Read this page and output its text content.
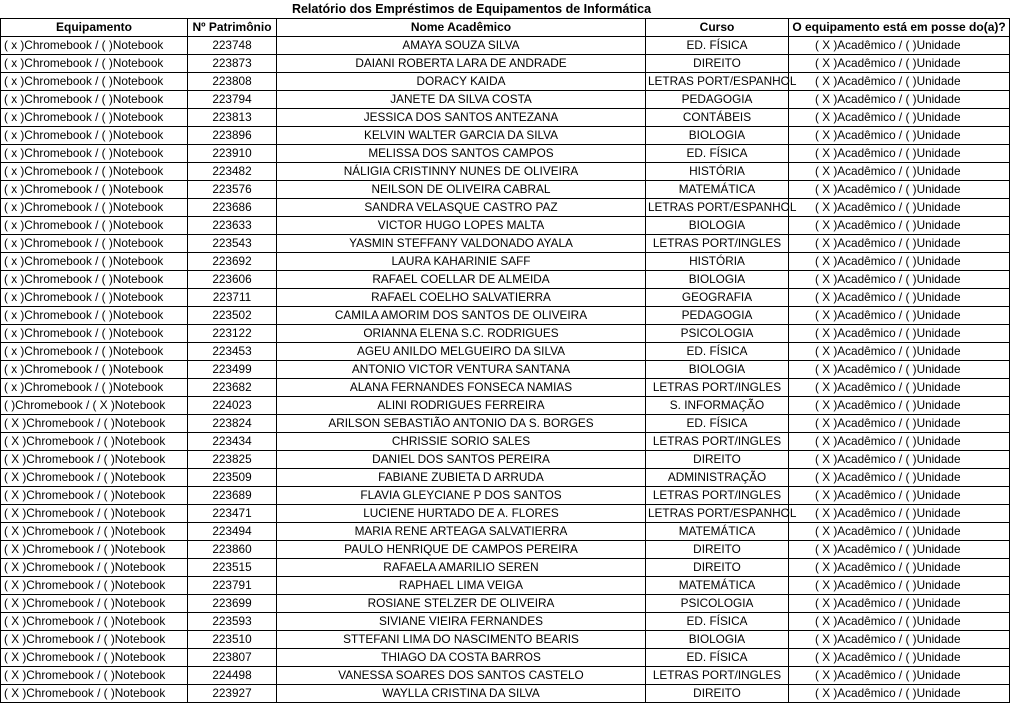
Relatório dos Empréstimos de Equipamentos de Informática
Equipamento	Nº Patrimônio	Nome Acadêmico	Curso	O equipamento está em posse do(a)?
( x )Chromebook / ( )Notebook	223748	AMAYA SOUZA SILVA	ED. FÍSICA	( X )Acadêmico / ( )Unidade
( x )Chromebook / ( )Notebook	223873	DAIANI ROBERTA LARA DE ANDRADE	DIREITO	( X )Acadêmico / ( )Unidade
( x )Chromebook / ( )Notebook	223808	DORACY KAIDA	LETRAS PORT/ESPANHOL	( X )Acadêmico / ( )Unidade
( x )Chromebook / ( )Notebook	223794	JANETE DA SILVA COSTA	PEDAGOGIA	( X )Acadêmico / ( )Unidade
( x )Chromebook / ( )Notebook	223813	JESSICA DOS SANTOS ANTEZANA	CONTÁBEIS	( X )Acadêmico / ( )Unidade
( x )Chromebook / ( )Notebook	223896	KELVIN WALTER GARCIA DA SILVA	BIOLOGIA	( X )Acadêmico / ( )Unidade
( x )Chromebook / ( )Notebook	223910	MELISSA DOS SANTOS CAMPOS	ED. FÍSICA	( X )Acadêmico / ( )Unidade
( x )Chromebook / ( )Notebook	223482	NÁLIGIA CRISTINNY NUNES DE OLIVEIRA	HISTÓRIA	( X )Acadêmico / ( )Unidade
( x )Chromebook / ( )Notebook	223576	NEILSON DE OLIVEIRA CABRAL	MATEMÁTICA	( X )Acadêmico / ( )Unidade
( x )Chromebook / ( )Notebook	223686	SANDRA VELASQUE CASTRO PAZ	LETRAS PORT/ESPANHOL	( X )Acadêmico / ( )Unidade
( x )Chromebook / ( )Notebook	223633	VICTOR HUGO LOPES MALTA	BIOLOGIA	( X )Acadêmico / ( )Unidade
( x )Chromebook / ( )Notebook	223543	YASMIN STEFFANY VALDONADO AYALA	LETRAS PORT/INGLES	( X )Acadêmico / ( )Unidade
( x )Chromebook / ( )Notebook	223692	LAURA KAHARINIE SAFF	HISTÓRIA	( X )Acadêmico / ( )Unidade
( x )Chromebook / ( )Notebook	223606	RAFAEL COELLAR DE ALMEIDA	BIOLOGIA	( X )Acadêmico / ( )Unidade
( x )Chromebook / ( )Notebook	223711	RAFAEL COELHO SALVATIERRA	GEOGRAFIA	( X )Acadêmico / ( )Unidade
( x )Chromebook / ( )Notebook	223502	CAMILA AMORIM DOS SANTOS DE OLIVEIRA	PEDAGOGIA	( X )Acadêmico / ( )Unidade
( x )Chromebook / ( )Notebook	223122	ORIANNA ELENA S.C. RODRIGUES	PSICOLOGIA	( X )Acadêmico / ( )Unidade
( x )Chromebook / ( )Notebook	223453	AGEU ANILDO MELGUEIRO DA SILVA	ED. FÍSICA	( X )Acadêmico / ( )Unidade
( x )Chromebook / ( )Notebook	223499	ANTONIO VICTOR VENTURA SANTANA	BIOLOGIA	( X )Acadêmico / ( )Unidade
( x )Chromebook / ( )Notebook	223682	ALANA FERNANDES FONSECA NAMIAS	LETRAS PORT/INGLES	( X )Acadêmico / ( )Unidade
( )Chromebook / ( X )Notebook	224023	ALINI RODRIGUES FERREIRA	S. INFORMAÇÃO	( X )Acadêmico / ( )Unidade
( X )Chromebook / ( )Notebook	223824	ARILSON SEBASTIÃO ANTONIO DA S. BORGES	ED. FÍSICA	( X )Acadêmico / ( )Unidade
( X )Chromebook / ( )Notebook	223434	CHRISSIE SORIO SALES	LETRAS PORT/INGLES	( X )Acadêmico / ( )Unidade
( X )Chromebook / ( )Notebook	223825	DANIEL DOS SANTOS PEREIRA	DIREITO	( X )Acadêmico / ( )Unidade
( X )Chromebook / ( )Notebook	223509	FABIANE ZUBIETA D ARRUDA	ADMINISTRAÇÃO	( X )Acadêmico / ( )Unidade
( X )Chromebook / ( )Notebook	223689	FLAVIA GLEYCIANE P DOS SANTOS	LETRAS PORT/INGLES	( X )Acadêmico / ( )Unidade
( X )Chromebook / ( )Notebook	223471	LUCIENE HURTADO DE A. FLORES	LETRAS PORT/ESPANHOL	( X )Acadêmico / ( )Unidade
( X )Chromebook / ( )Notebook	223494	MARIA RENE ARTEAGA SALVATIERRA	MATEMÁTICA	( X )Acadêmico / ( )Unidade
( X )Chromebook / ( )Notebook	223860	PAULO HENRIQUE DE CAMPOS PEREIRA	DIREITO	( X )Acadêmico / ( )Unidade
( X )Chromebook / ( )Notebook	223515	RAFAELA AMARILIO SEREN	DIREITO	( X )Acadêmico / ( )Unidade
( X )Chromebook / ( )Notebook	223791	RAPHAEL LIMA VEIGA	MATEMÁTICA	( X )Acadêmico / ( )Unidade
( X )Chromebook / ( )Notebook	223699	ROSIANE STELZER DE OLIVEIRA	PSICOLOGIA	( X )Acadêmico / ( )Unidade
( X )Chromebook / ( )Notebook	223593	SIVIANE VIEIRA FERNANDES	ED. FÍSICA	( X )Acadêmico / ( )Unidade
( X )Chromebook / ( )Notebook	223510	STTEFANI LIMA DO NASCIMENTO BEARIS	BIOLOGIA	( X )Acadêmico / ( )Unidade
( X )Chromebook / ( )Notebook	223807	THIAGO DA COSTA BARROS	ED. FÍSICA	( X )Acadêmico / ( )Unidade
( X )Chromebook / ( )Notebook	224498	VANESSA SOARES DOS SANTOS CASTELO	LETRAS PORT/INGLES	( X )Acadêmico / ( )Unidade
( X )Chromebook / ( )Notebook	223927	WAYLLA CRISTINA DA SILVA	DIREITO	( X )Acadêmico / ( )Unidade
